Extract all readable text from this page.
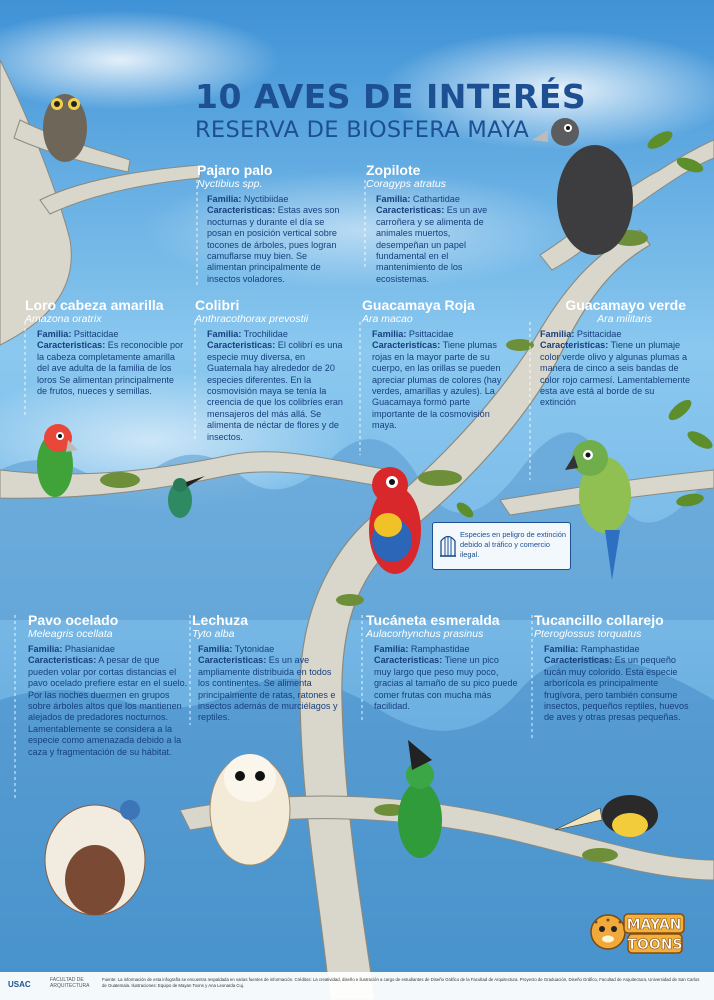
10 AVES DE INTERÉS
RESERVA DE BIOSFERA MAYA
Pajaro palo
Nyctibius spp.
Familia: Nyctibiidae
Caracteristicas: Estas aves son nocturnas y durante el día se posan en posición vertical sobre tocones de árboles, pues logran camuflarse muy bien. Se alimentan principalmente de insectos voladores.
Zopilote
Coragyps atratus
Familia: Cathartidae
Caracteristicas: Es un ave carroñera y se alimenta de animales muertos, desempeñan un papel fundamental en el mantenimiento de los ecosistemas.
Loro cabeza amarilla
Amazona oratrix
Familia: Psittacidae
Caracteristicas: Es reconocible por la cabeza completamente amarilla del ave adulta de la familia de los loros Se alimentan principalmente de frutos, nueces y semillas.
Colibri
Anthracothorax prevostii
Familia: Trochilidae
Caracteristicas: El colibrí es una especie muy diversa, en Guatemala hay alrededor de 20 especies diferentes. En la cosmovisión maya se tenía la creencia de que los colibríes eran mensajeros del más allá. Se alimenta de néctar de flores y de insectos.
Guacamaya Roja
Ara macao
Familia: Psittacidae
Caracteristicas: Tiene plumas rojas en la mayor parte de su cuerpo, en las orillas se pueden apreciar plumas de colores (hay verdes, amarillas y azules). La Guacamaya formó parte importante de la cosmovisión maya.
Guacamayo verde
Ara militaris
Familia: Psittacidae
Caracteristicas: Tiene un plumaje color verde olivo y algunas plumas a manera de cinco a seis bandas de color rojo carmesí. Lamentablemente esta ave está al borde de su extinción
Pavo ocelado
Meleagris ocellata
Familia: Phasianidae
Caracteristicas: A pesar de que pueden volar por cortas distancias el pavo ocelado prefiere estar en el suelo. Por las noches duermen en grupos sobre árboles altos que los mantienen alejados de predadores nocturnos. Lamentablemente se considera a la especie como amenazada debido a la caza y fragmentación de su hábitat.
Lechuza
Tyto alba
Familia: Tytonidae
Caracteristicas: Es un ave ampliamente distribuida en todos los continentes. Se alimenta principalmente de ratas, ratones e insectos además de murciélagos y reptiles.
Tucáneta esmeralda
Aulacorhynchus prasinus
Familia: Ramphastidae
Caracteristicas: Tiene un pico muy largo que peso muy poco, gracias al tamaño de su pico puede comer frutas con mucha más facilidad.
Tucancillo collarejo
Pteroglossus torquatus
Familia: Ramphastidae
Caracteristicas: Es un pequeño tucán muy colorido. Esta especie arborícola es principalmente frugívora, pero también consume insectos, pequeños reptiles, huevos de aves y otras presas pequeñas.
Especies en peligro de extinción debido al tráfico y comercio ilegal.
MAYAN
TOONS
USAC	FACULTAD DE ARQUITECTURA
Fuente: La información de esta infografía se encuentra respaldada en varias fuentes de información. Créditos: La creatividad, diseño e ilustración a cargo de estudiantes de Diseño Gráfico de la Facultad de Arquitectura. Proyecto de Graduación, Diseño Gráfico, Facultad de Arquitectura, Universidad de San Carlos de Guatemala. Ilustraciones: Equipo de Mayan Toons y Ana Leonarda Cuj.
